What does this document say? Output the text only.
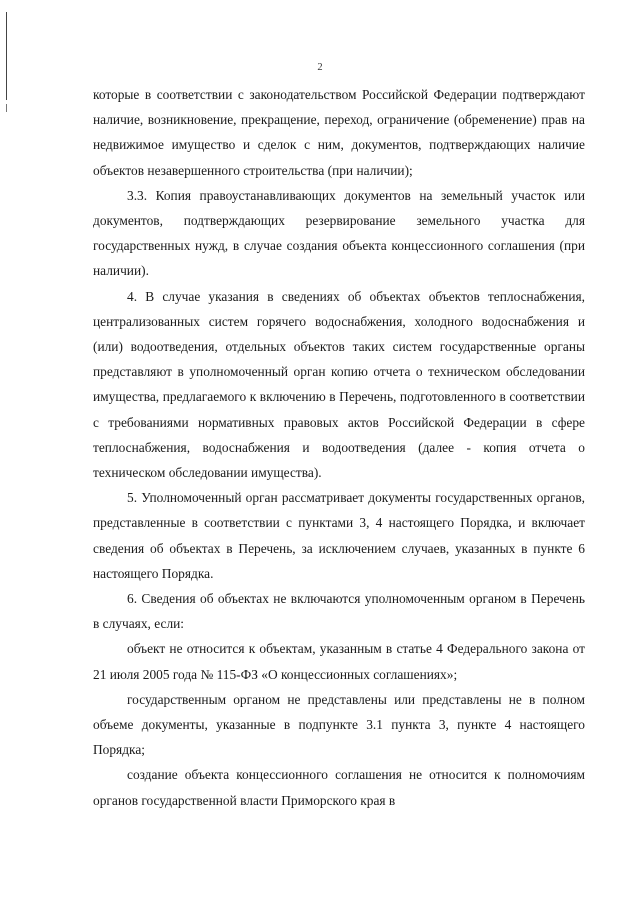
2

которые в соответствии с законодательством Российской Федерации подтверждают наличие, возникновение, прекращение, переход, ограничение (обременение) прав на недвижимое имущество и сделок с ним, документов, подтверждающих наличие объектов незавершенного строительства (при наличии);

3.3. Копия правоустанавливающих документов на земельный участок или документов, подтверждающих резервирование земельного участка для государственных нужд, в случае создания объекта концессионного соглашения (при наличии).

4. В случае указания в сведениях об объектах объектов теплоснабжения, централизованных систем горячего водоснабжения, холодного водоснабжения и (или) водоотведения, отдельных объектов таких систем государственные органы представляют в уполномоченный орган копию отчета о техническом обследовании имущества, предлагаемого к включению в Перечень, подготовленного в соответствии с требованиями нормативных правовых актов Российской Федерации в сфере теплоснабжения, водоснабжения и водоотведения (далее - копия отчета о техническом обследовании имущества).

5. Уполномоченный орган рассматривает документы государственных органов, представленные в соответствии с пунктами 3, 4 настоящего Порядка, и включает сведения об объектах в Перечень, за исключением случаев, указанных в пункте 6 настоящего Порядка.

6. Сведения об объектах не включаются уполномоченным органом в Перечень в случаях, если:

объект не относится к объектам, указанным в статье 4 Федерального закона от 21 июля 2005 года № 115-ФЗ «О концессионных соглашениях»;

государственным органом не представлены или представлены не в полном объеме документы, указанные в подпункте 3.1 пункта 3, пункте 4 настоящего Порядка;

создание объекта концессионного соглашения не относится к полномочиям органов государственной власти Приморского края в
